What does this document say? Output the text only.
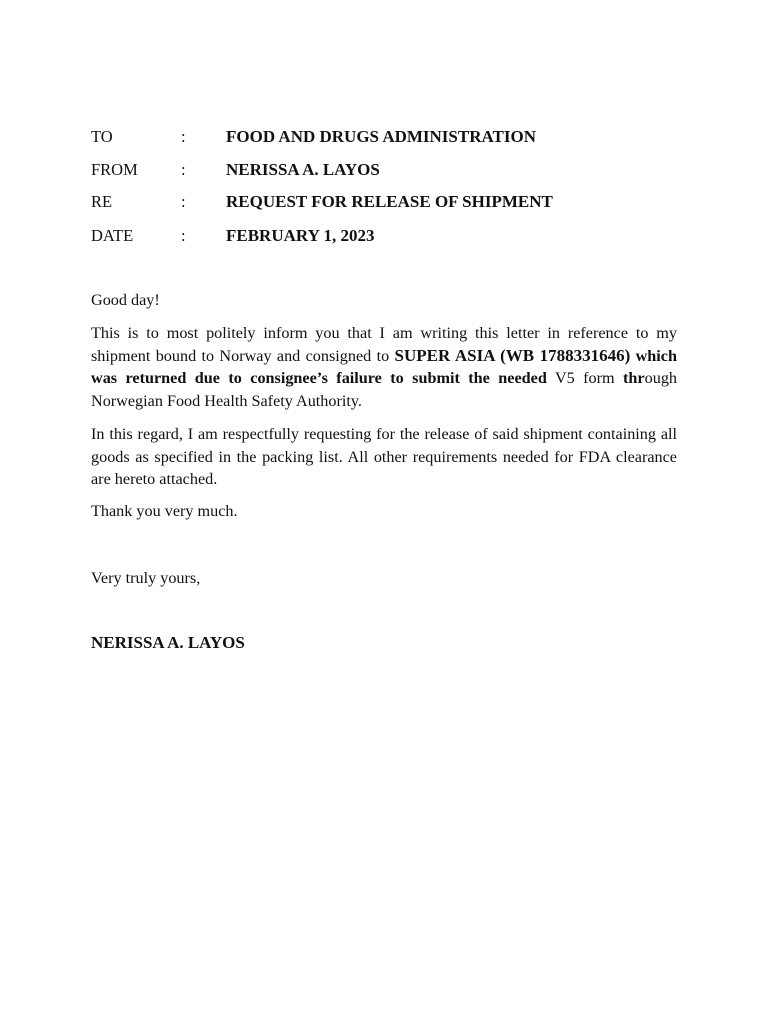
TO	: FOOD AND DRUGS ADMINISTRATION
FROM	: NERISSA A. LAYOS
RE	: REQUEST FOR RELEASE OF SHIPMENT
DATE	: FEBRUARY 1, 2023

Good day!

This is to most politely inform you that I am writing this letter in reference to my shipment bound to Norway and consigned to SUPER ASIA (WB 1788331646) which was returned due to consignee’s failure to submit the needed V5 form through Norwegian Food Health Safety Authority.

In this regard, I am respectfully requesting for the release of said shipment containing all goods as specified in the packing list. All other requirements needed for FDA clearance are hereto attached.

Thank you very much.

Very truly yours,

NERISSA A. LAYOS
